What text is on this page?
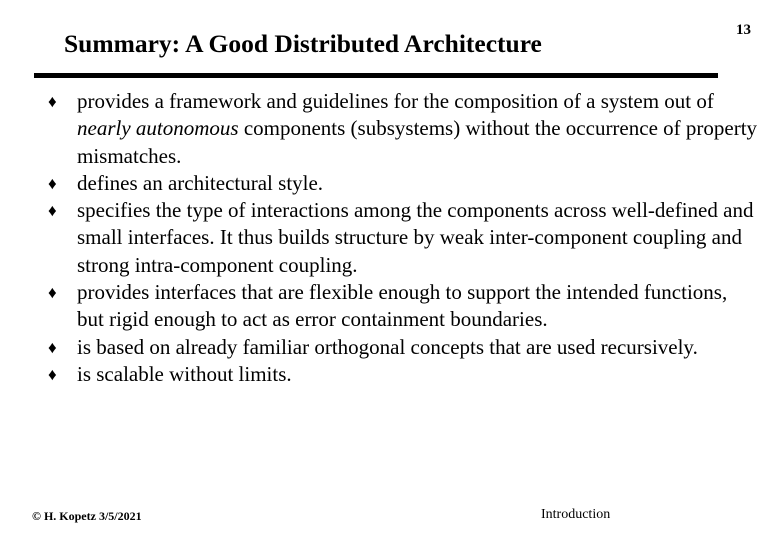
Summary: A Good Distributed Architecture	13
♦ provides a framework and guidelines for the composition of a system out of nearly autonomous components (subsystems) without the occurrence of property mismatches.
♦ defines an architectural style.
♦ specifies the type of interactions among the components across well-defined and small interfaces. It thus builds structure by weak inter-component coupling and strong intra-component coupling.
♦ provides interfaces that are flexible enough to support the intended functions, but rigid enough to act as error containment boundaries.
♦ is based on already familiar orthogonal concepts that are used recursively.
♦ is scalable without limits.
© H. Kopetz 3/5/2021	Introduction
